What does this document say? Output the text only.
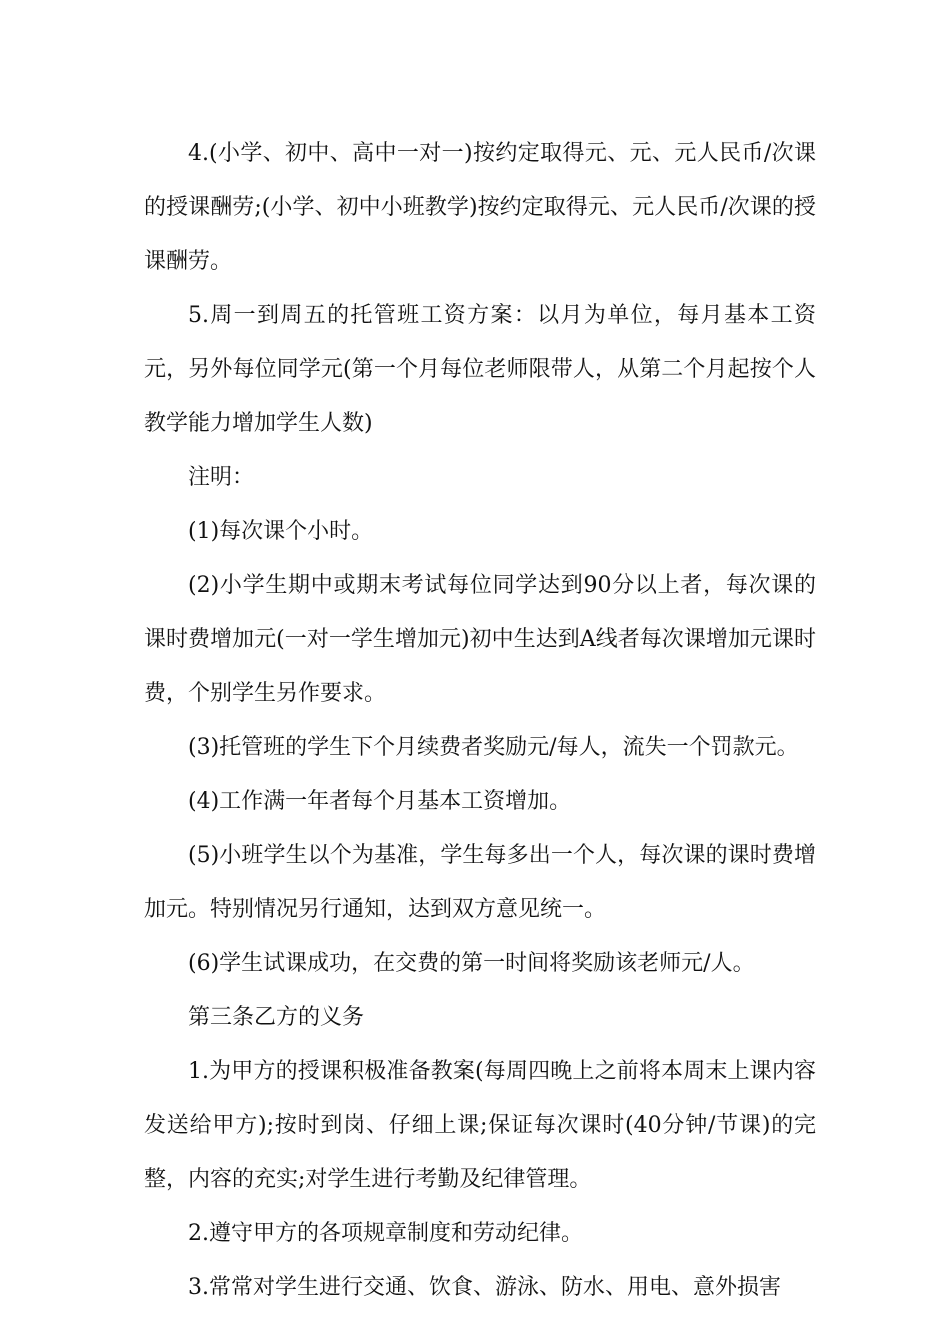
4.(小学、初中、高中一对一)按约定取得元、元、元人民币/次课的授课酬劳;(小学、初中小班教学)按约定取得元、元人民币/次课的授课酬劳。

5.周一到周五的托管班工资方案：以月为单位，每月基本工资元，另外每位同学元(第一个月每位老师限带人，从第二个月起按个人教学能力增加学生人数)

注明：

(1)每次课个小时。

(2)小学生期中或期末考试每位同学达到90分以上者，每次课的课时费增加元(一对一学生增加元)初中生达到A线者每次课增加元课时费，个别学生另作要求。

(3)托管班的学生下个月续费者奖励元/每人，流失一个罚款元。

(4)工作满一年者每个月基本工资增加。

(5)小班学生以个为基准，学生每多出一个人，每次课的课时费增加元。特别情况另行通知，达到双方意见统一。

(6)学生试课成功，在交费的第一时间将奖励该老师元/人。

第三条乙方的义务

1.为甲方的授课积极准备教案(每周四晚上之前将本周末上课内容发送给甲方);按时到岗、仔细上课;保证每次课时(40分钟/节课)的完整，内容的充实;对学生进行考勤及纪律管理。

2.遵守甲方的各项规章制度和劳动纪律。

3.常常对学生进行交通、饮食、游泳、防水、用电、意外损害
